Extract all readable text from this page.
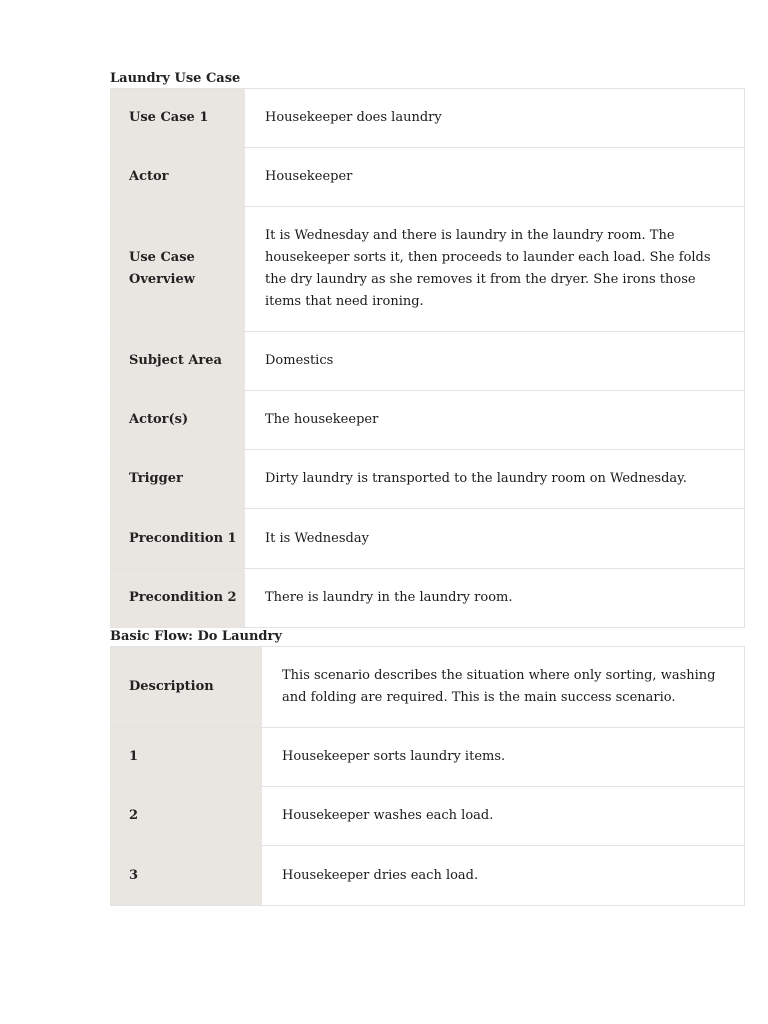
Laundry Use Case
Use Case 1	Housekeeper does laundry
Actor	Housekeeper
Use Case Overview	It is Wednesday and there is laundry in the laundry room. The housekeeper sorts it, then proceeds to launder each load. She folds the dry laundry as she removes it from the dryer. She irons those items that need ironing.
Subject Area	Domestics
Actor(s)	The housekeeper
Trigger	Dirty laundry is transported to the laundry room on Wednesday.
Precondition 1	It is Wednesday
Precondition 2	There is laundry in the laundry room.
Basic Flow: Do Laundry
Description	This scenario describes the situation where only sorting, washing and folding are required. This is the main success scenario.
1	Housekeeper sorts laundry items.
2	Housekeeper washes each load.
3	Housekeeper dries each load.
